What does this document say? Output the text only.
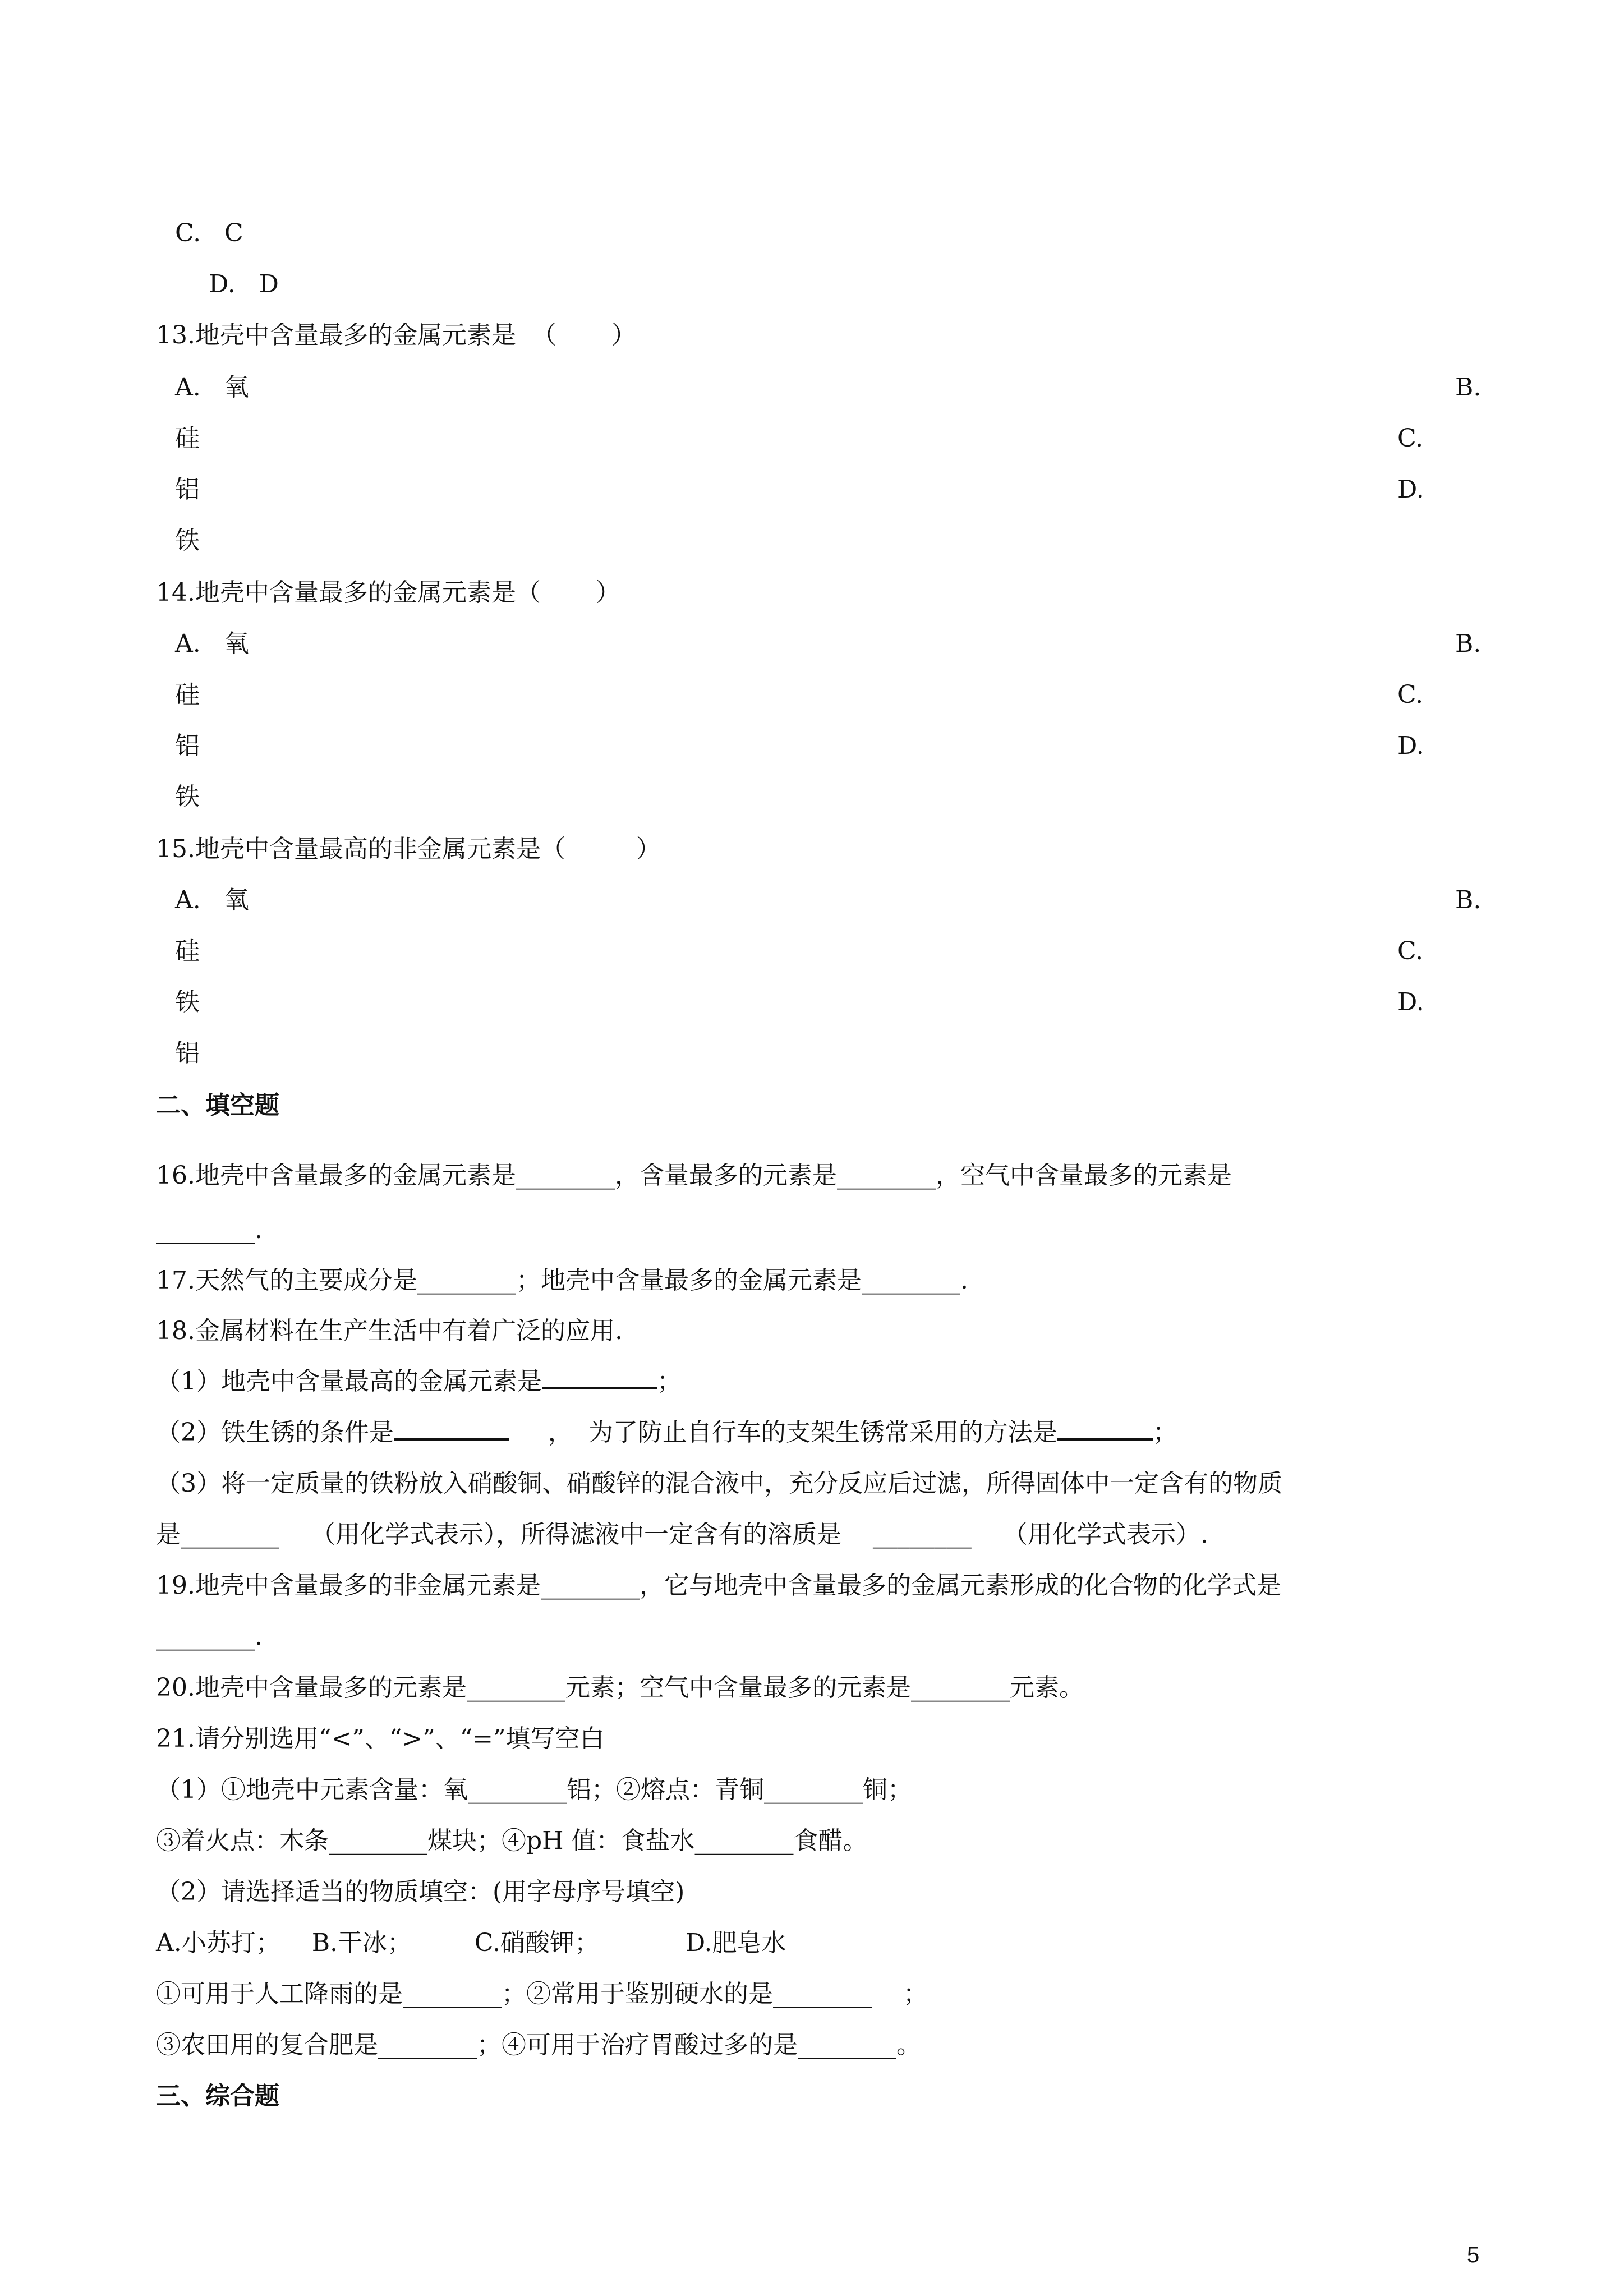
C.   C
D.   D
13.地壳中含量最多的金属元素是  （       ）
A.   氧	B.
硅	C.
铝	D.
铁
14.地壳中含量最多的金属元素是（       ）
A.   氧	B.
硅	C.
铝	D.
铁
15.地壳中含量最高的非金属元素是（         ）
A.   氧	B.
硅	C.
铁	D.
铝
二、填空题
16.地壳中含量最多的金属元素是________，含量最多的元素是________，空气中含量最多的元素是
________.
17.天然气的主要成分是________；地壳中含量最多的金属元素是________.
18.金属材料在生产生活中有着广泛的应用.
（1）地壳中含量最高的金属元素是	；
（2）铁生锈的条件是	，  为了防止自行车的支架生锈常采用的方法是	；
（3）将一定质量的铁粉放入硝酸铜、硝酸锌的混合液中，充分反应后过滤，所得固体中一定含有的物质
是________    （用化学式表示），所得滤液中一定含有的溶质是    ________    （用化学式表示）.
19.地壳中含量最多的非金属元素是________，它与地壳中含量最多的金属元素形成的化合物的化学式是
________.
20.地壳中含量最多的元素是________元素；空气中含量最多的元素是________元素。
21.请分别选用“<”、“>”、“=”填写空白
（1）①地壳中元素含量：氧________铝；②熔点：青铜________铜；
③着火点：木条________煤块；④pH 值：食盐水________食醋。
（2）请选择适当的物质填空：(用字母序号填空)
A.小苏打；    B.干冰；        C.硝酸钾；           D.肥皂水
①可用于人工降雨的是________；②常用于鉴别硬水的是________    ；
③农田用的复合肥是________；④可用于治疗胃酸过多的是________。
三、综合题
5
